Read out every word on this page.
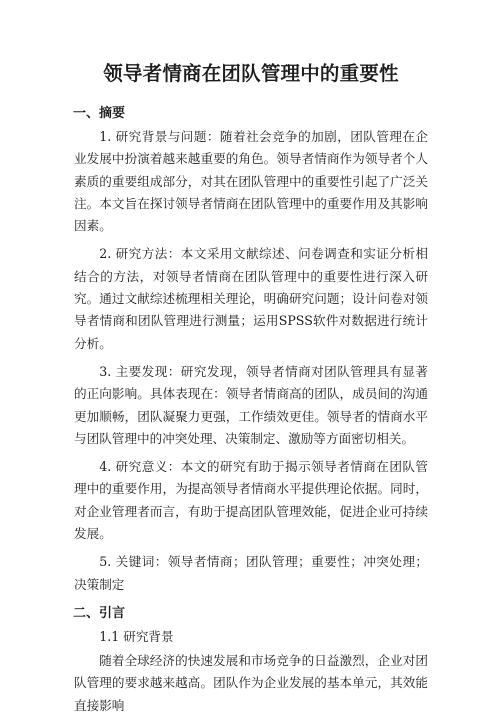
领导者情商在团队管理中的重要性
一、摘要

1. 研究背景与问题：随着社会竞争的加剧，团队管理在企业发展中扮演着越来越重要的角色。领导者情商作为领导者个人素质的重要组成部分，对其在团队管理中的重要性引起了广泛关注。本文旨在探讨领导者情商在团队管理中的重要作用及其影响因素。

2. 研究方法：本文采用文献综述、问卷调查和实证分析相结合的方法，对领导者情商在团队管理中的重要性进行深入研究。通过文献综述梳理相关理论，明确研究问题；设计问卷对领导者情商和团队管理进行测量；运用SPSS软件对数据进行统计分析。

3. 主要发现：研究发现，领导者情商对团队管理具有显著的正向影响。具体表现在：领导者情商高的团队，成员间的沟通更加顺畅，团队凝聚力更强，工作绩效更佳。领导者的情商水平与团队管理中的冲突处理、决策制定、激励等方面密切相关。

4. 研究意义：本文的研究有助于揭示领导者情商在团队管理中的重要作用，为提高领导者情商水平提供理论依据。同时，对企业管理者而言，有助于提高团队管理效能，促进企业可持续发展。

5. 关键词：领导者情商；团队管理；重要性；冲突处理；决策制定

二、引言
1.1 研究背景

随着全球经济的快速发展和市场竞争的日益激烈，企业对团队管理的要求越来越高。团队作为企业发展的基本单元，其效能直接影响
